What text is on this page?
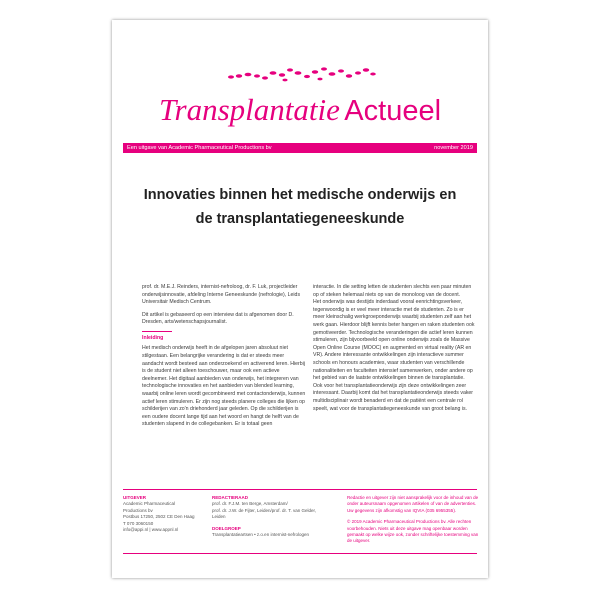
Transplantatie Actueel
Een uitgave van Academic Pharmaceutical Productions bv	november 2019
Innovaties binnen het medische onderwijs en de transplantatiegeneeskunde

prof. dr. M.E.J. Reinders, internist-nefroloog, dr. F. Luk, projectleider onderwijsinnovatie, afdeling Interne Geneeskunde (nefrologie), Leids Universitair Medisch Centrum.

Dit artikel is gebaseerd op een interview dat is afgenomen door D. Dresden, arts/wetenschapsjournalist.

Inleiding

Het medisch onderwijs heeft in de afgelopen jaren absoluut niet stilgestaan. Een belangrijke verandering is dat er steeds meer aandacht wordt besteed aan onderzoekend en activerend leren. Hierbij is de student niet alleen toeschouwer, maar ook een actieve deelnemer. Het digitaal aanbieden van onderwijs, het integreren van technologische innovaties en het aanbieden van blended learning, waarbij online leren wordt gecombineerd met contactonderwijs, kunnen actief leren stimuleren. Er zijn nog steeds planere colleges die lijken op schilderijen van zo'n driehonderd jaar geleden. Op die schilderijen is een oudere docent lange tijd aan het woord en hangt de helft van de studenten slapend in de collegebanken. Er is totaal geen

interactie. In die setting letten de studenten slechts een paar minuten op of steken helemaal niets op van de monoloog van de docent.

Het onderwijs was destijds inderdaad vooral eenrichtingsverkeer, tegenwoordig is er veel meer interactie met de studenten. Zo is er meer kleinschalig werkgroeponderwijs waarbij studenten zelf aan het werk gaan. Hierdoor blijft kennis beter hangen en raken studenten ook gemotiveerder. Technologische veranderingen die actief leren kunnen stimuleren, zijn bijvoorbeeld open online onderwijs zoals de Massive Open Online Course (MOOC) en augmented en virtual reality (AR en VR). Andere interessante ontwikkelingen zijn interactieve summer schools en honours academies, waar studenten van verschillende nationaliteiten en faculteiten intensief samenwerken, onder andere op het gebied van de laatste ontwikkelingen binnen de transplantatie.

Ook voor het transplantatieonderwijs zijn deze ontwikkelingen zeer interessant. Daarbij komt dat het transplantatieonderwijs steeds vaker multidisciplinair wordt benaderd en dat de patiënt een centrale rol speelt, wat voor de transplantatiegeneeskunde van groot belang is.

UITGEVER
Academic Pharmaceutical
Productions bv
Postbus 17250, 2502 CE Den Haag
T 070 3060150
info@appi.nl | www.appnl.nl
REDACTIERAAD
prof. dr. F.J.M. ten Berge, Amsterdam/
prof. dr. J.W. de Fijter, Leiden/prof. dr. T. van Gelder,
Leiden
DOELGROEP
Transplantatieartsen • z.o.en internist-nefrologen
Redactie en uitgever zijn niet aansprakelijk voor de inhoud van de onder auteursnaam opgenomen artikelen of van de advertenties. Uw gegevens zijn afkomstig van IQVIA (035 6955355).
© 2019 Academic Pharmaceutical Productions bv. Alle rechten voorbehouden. Niets uit deze uitgave mag openbaar worden gemaakt op welke wijze ook, zonder schriftelijke toestemming van de uitgever.
